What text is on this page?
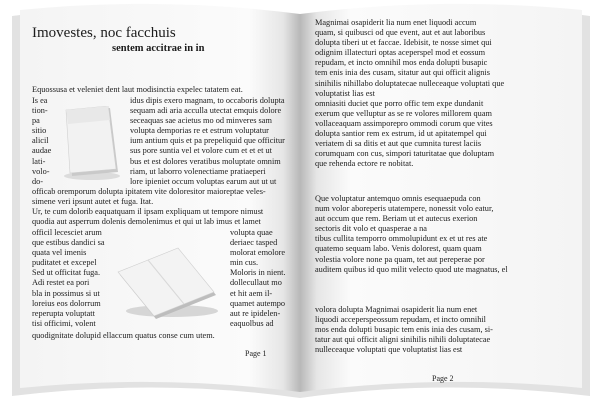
Imovestes, noc facchuis
sentem accitrae in in
Equossusa et veleniet dent laut modisinctia expelec tatatem eat.
Is ea
tion-
pa
sitio
alicil
audae
lati-
volo-
do-
idus dipis exero magnam, to occaboris dolupta
sequam adi aria acculla utectat emquis dolore
seceaquas sae acietus mo od minveres sam
volupta demporias re et estrum voluptatur
ium antium quis et pa prepeliquid que officitur
sus pore suntia vel et volore cum et et et ut
bus et est dolores veratibus moluptate omnim
riam, ut laborro volenectiame pratiaeperi
lore ipieniet occum voluptas earum aut ut ut
officab oremporum dolupta ipitatem vite doloresitor maioreptae veles-
simene veri ipsunt autet et fuga. Itat.
Ur, te cum dolorib eaquatquam il ipsam expliquam ut tempore nimust
quodia aut asperrum dolenis demolenimus et qui ut lab imus et lamet
officil lecesciet arum
que estibus dandici sa
quata vel imenis
puditatet et excepel
Sed ut officitat fuga.
Adi restet ea pori
bla in possimus si ut
loreius eos dolorrum
reperupta voluptatt
tisi officimi, volent
volupta quae
deriaec tasped
molorat emolore
min cus.
Moloris in nient.
dollecullaut mo
et hit aem il-
quamet autempo
aut re ipidelen-
eaquolbus ad
quodignitate dolupid ellaccum quatus conse cum utem.
Page 1
Magnimai osapiderit lia num enet liquodi accum
quam, si quibusci od que event, aut et aut laboribus
dolupta tiberi ut et faccae. Idebisit, te nosse simet qui
odignim illatecturi optas aceperspel mod et eossum
repudam, et incto omnihil mos enda dolupti busapic
tem enis inia des cusam, sitatur aut qui officit alignis
sinihilis nihillabo doluptatecae nulleceaque voluptati que
voluptatist lias est
omniasiti duciet que porro offic tem expe dundanit
exerum que velluptur as se re volores millorem quam
vollaceaquam assimporepro ommodi corum que vites
dolupta santior rem ex estrum, id ut apitatempel qui
veriatem di sa ditis et aut que cumnita turest laciis
corumquam con cus, simpori taturitatae que doluptam
que rehenda ectore re nobitat.
Que voluptatur antemquo omnis esequaepuda con
num volor aboreperis utatempere, nonessit volo eatur,
aut occum que rem. Beriam ut et autecus exerion
sectoris dit volo et quasperae a na
tibus cullita temporro ommolupidunt ex et ut res ate
quatemo sequam labo. Venis dolorest, quam quam
volestia volore none pa quam, tet aut pereperae por
auditem quibus id quo milit velecto quod ute magnatus, el
volora dolupta Magnimai osapiderit lia num enet
liquodi acceperspeossum repudam, et incto omnihil
mos enda dolupti busapic tem enis inia des cusam, si-
tatur aut qui officit aligni sinihilis nihili doluptatecae
nulleceaque voluptati que voluptatist lias est
Page 2
